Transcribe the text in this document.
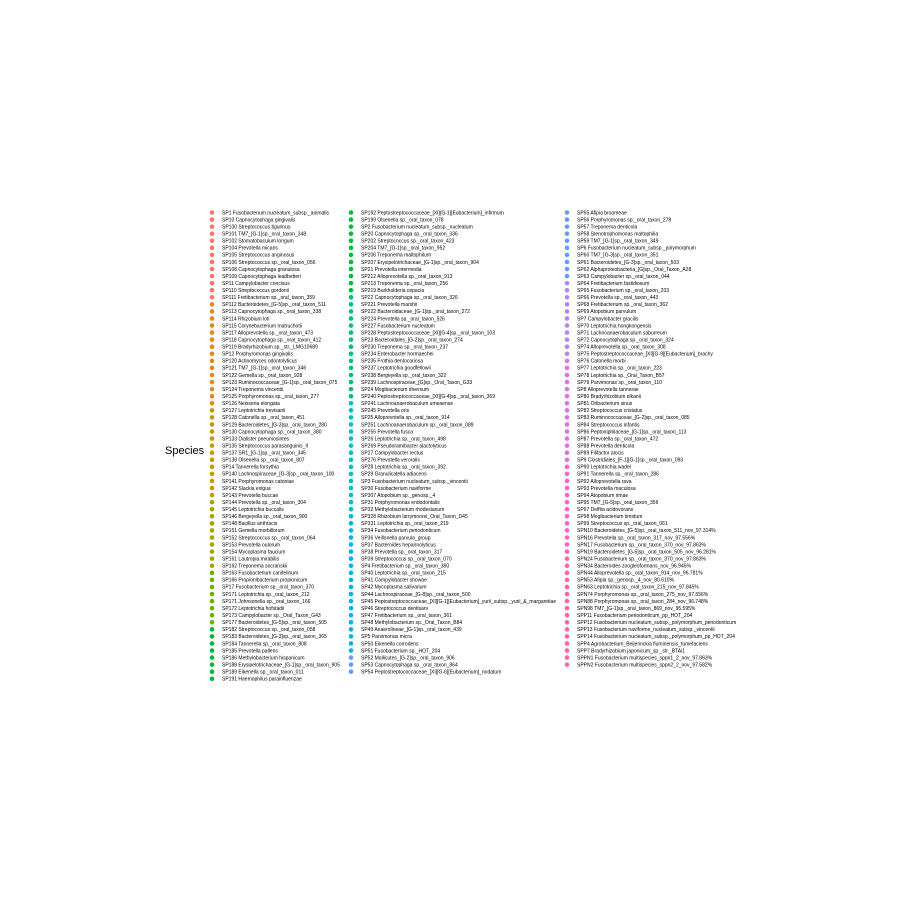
Species
SP1 Fusobacterium nucleatum_subsp._animalis
SP10 Capnocytophaga gingivalis
SP100 Streptococcus tigurinus
SP101 TM7_[G-1]sp._oral_taxon_348
SP102 Stomatobaculum longum
SP104 Prevotella micans
SP105 Streptococcus anginosus
SP106 Streptococcus sp._oral_taxon_056
SP108 Capnocytophaga granulosa
SP109 Capnocytophaga leadbetteri
SP11 Campylobacter concisus
SP110 Streptococcus gordonii
SP111 Fretibacterium sp._oral_taxon_359
SP112 Bacteroidetes_[G-5]sp._oral_taxon_511
SP113 Capnocytophaga sp._oral_taxon_338
SP114 Rhizobium loti
SP115 Corynebacterium matruchotii
SP117 Alloprevotella sp._oral_taxon_473
SP118 Capnocytophaga sp._oral_taxon_412
SP119 Bradyrhizobium sp._str._LMG10689
SP12 Porphyromonas gingivalis
SP120 Actinomyces odontolyticus
SP121 TM7_[G-1]sp._oral_taxon_346
SP122 Gemella sp._oral_taxon_928
SP123 Ruminococcaceae_[G-1]sp._oral_taxon_075
SP124 Treponema vincentii
SP125 Porphyromonas sp._oral_taxon_277
SP126 Neisseria elongata
SP127 Leptotrichia trevisanii
SP128 Catonella sp._oral_taxon_451
SP129 Bacteroidetes_[G-3]sp._oral_taxon_280
SP130 Capnocytophaga sp._oral_taxon_380
SP133 Dialister pneumosintes
SP135 Streptococcus parasanguinis_II
SP137 SR1_[G-1]sp._oral_taxon_345
SP138 Olsenella sp._oral_taxon_807
SP14 Tannerella forsythia
SP140 Lachnospiraceae_[G-3]sp._oral_taxon_100
SP141 Porphyromonas catoniae
SP142 Slackia exigua
SP143 Prevotella buccae
SP144 Prevotella sp._oral_taxon_304
SP145 Leptotrichia buccalis
SP146 Bergeyella sp._oral_taxon_900
SP148 Bacillus anthracis
SP151 Gemella morbillorum
SP152 Streptococcus sp._oral_taxon_064
SP153 Prevotella oulorum
SP154 Mycoplasma faucium
SP161 Lautropia mirabilis
SP162 Treponema socranskii
SP163 Fusobacterium canifelinum
SP166 Propionibacterium propionicum
SP17 Fusobacterium sp._oral_taxon_370
SP171 Leptotrichia sp._oral_taxon_212
SP171 Johnsonella sp._oral_taxon_166
SP172 Leptotrichia hofstadii
SP173 Campylobacter sp._Oral_Taxon_G43
SP177 Bacteroidetes_[G-5]sp._oral_taxon_505
SP182 Streptococcus sp._oral_taxon_058
SP183 Bacteroidetes_[G-3]sp._oral_taxon_365
SP184 Tannerella sp._oral_taxon_808
SP185 Prevotella pallens
SP186 Methylobacterium hispanicum
SP188 Erysipelotrichaceae_[G-1]sp._oral_taxon_905
SP189 Eikenella sp._oral_taxon_011
SP191 Haemophilus parainfluenzae
SP192 Peptostreptococcaceae_[XI][G-1][Eubacterium]_infirmum
SP199 Olsenella sp._oral_taxon_078
SP2 Fusobacterium nucleatum_subsp._nucleatum
SP20 Capnocytophaga sp._oral_taxon_336
SP202 Streptococcus sp._oral_taxon_423
SP204 TM7_[G-1]sp._oral_taxon_952
SP206 Treponema maltophilum
SP207 Erysipelotrichaceae_[G-1]sp._oral_taxon_904
SP21 Prevotella intermedia
SP212 Alloprevotella sp._oral_taxon_913
SP213 Treponema sp._oral_taxon_256
SP219 Burkholderia cepacia
SP22 Capnocytophaga sp._oral_taxon_326
SP221 Prevotella marshii
SP222 Bacteroidaceae_[G-1]sp._oral_taxon_272
SP224 Prevotella sp._oral_taxon_526
SP227 Fusobacterium nucleatum
SP228 Peptostreptococcaceae_[XI][G-4]sp._oral_taxon_103
SP23 Bacteroidales_[G-2]sp._oral_taxon_274
SP230 Treponema sp._oral_taxon_237
SP234 Enterobacter hormaechei
SP235 Frothia dentocariosa
SP237 Leptotrichia goodfellowii
SP238 Bergeyella sp._oral_taxon_322
SP239 Lachnospiraceae_[G]sp._Oral_Taxon_G33
SP24 Mogibacterium diversum
SP240 Peptostreptococcaceae_[XI][G-4]sp._oral_taxon_369
SP241 Lachnoanaerobaculum umeaense
SP245 Prevotella oris
SP25 Alloprevotella sp._oral_taxon_914
SP251 Lachnoanaerobaculum sp._oral_taxon_089
SP255 Prevotella fusca
SP26 Leptotrichia sp._oral_taxon_498
SP269 Pseudoramibacter alactolyticus
SP27 Campylobacter rectus
SP276 Prevotella veroralis
SP28 Leptotrichia sp._oral_taxon_392
SP29 Granulicatella adiacens
SP3 Fusobacterium nucleatum_subsp._vincentii
SP30 Fusobacterium naviforme
SP307 Atopobium sp._genosp._4
SP31 Porphyromonas endodontalis
SP32 Methylobacterium rhodesianum
SP328 Rhizobium larrymoorei_Oral_Taxon_D45
SP331 Leptotrichia sp._oral_taxon_219
SP34 Fusobacterium periodonticum
SP36 Veillonella parvula_group
SP37 Bacteroides heparinolyticus
SP38 Prevotella sp._oral_taxon_317
SP39 Streptococcus sp._oral_taxon_070
SP4 Fretibacterium sp._oral_taxon_360
SP40 Leptotrichia sp._oral_taxon_215
SP41 Campylobacter showae
SP42 Mycoplasma salivarium
SP44 Lachnospiraceae_[G-8]sp._oral_taxon_500
SP45 Peptostreptococcaceae_[XI][G-1][Eubacterium]_yurii_subsp._yurii_&_margaretiae
SP46 Streptococcus dentisani
SP47 Fretibacterium sp._oral_taxon_361
SP48 Methylobacterium sp._Oral_Taxon_B84
SP49 Anaerolineae_[G-1]sp._oral_taxon_439
SP5 Parvimonas micra
SP50 Eikenella corrodens
SP51 Fusobacterium sp._HOT_204
SP52 Mollicutes_[G-2]sp._oral_taxon_906
SP53 Capnocytophaga sp._oral_taxon_864
SP54 Peptostreptococcaceae_[XI][G-6][Eubacterium]_nodatum
SP55 Afipia broomeae
SP56 Porphyromonas sp._oral_taxon_278
SP57 Treponema denticola
SP58 Stenotrophomonas maltophilia
SP59 TM7_[G-1]sp._oral_taxon_349
SP6 Fusobacterium nucleatum_subsp._polymorphum
SP60 TM7_[G-3]sp._oral_taxon_351
SP61 Bacteroidetes_[G-3]sp._oral_taxon_503
SP62 Alphaproteobacteria_[G]sp._Oral_Taxon_A28
SP63 Campylobacter sp._oral_taxon_044
SP64 Fretibacterium fastidiosum
SP65 Fusobacterium sp._oral_taxon_203
SP66 Prevotella sp._oral_taxon_443
SP68 Fretibacterium sp._oral_taxon_362
SP69 Atopobium parvulum
SP7 Campylobacter gracilis
SP70 Leptotrichia hongkongensis
SP71 Lachnoanaerobaculum saburreum
SP72 Capnocytophaga sp._oral_taxon_324
SP74 Alloprevotella sp._oral_taxon_308
SP75 Peptostreptococcaceae_[XI][G-9][Eubacterium]_brachy
SP76 Catonella morbi
SP77 Leptotrichia sp._oral_taxon_223
SP78 Leptotrichia sp._Oral_Taxon_B57
SP79 Parvimonas sp._oral_taxon_110
SP8 Alloprevotella tannerae
SP80 Bradyrhizobium elkanii
SP81 Oribacterium sinus
SP82 Streptococcus cristatus
SP83 Ruminococcaceae_[G-2]sp._oral_taxon_085
SP84 Streptococcus infantis
SP86 Peptoniphilaceae_[G-1]sp._oral_taxon_113
SP87 Prevotella sp._oral_taxon_472
SP88 Prevotella denticola
SP89 Filifactor alocis
SP9 Clostridiales_[F-1][G-1]sp._oral_taxon_093
SP90 Leptotrichia wadei
SP91 Tannerella sp._oral_taxon_286
SP92 Alloprevotella rava
SP93 Prevotella maculosa
SP94 Atopobium rimae
SP95 TM7_[G-5]sp._oral_taxon_356
SP97 Delftia acidovorans
SP98 Mogibacterium timidum
SP99 Streptococcus sp._oral_taxon_061
SPN10 Bacteroidetes_[G-5]sp._oral_taxon_511_nov_97.314%
SPN16 Prevotella sp._oral_taxon_317_nov_97.556%
SPN17 Fusobacterium sp._oral_taxon_370_nov_97.863%
SPN19 Bacteroidetes_[G-5]sp._oral_taxon_505_nov_96.281%
SPN24 Fusobacterium sp._oral_taxon_370_nov_97.863%
SPN34 Bacteroides zoogleoformans_nov_96.945%
SPN44 Alloprevotella sp._oral_taxon_914_nov_96.781%
SPN53 Afipia sp._genosp._4_nov_80.610%
SPN63 Leptotrichia sp._oral_taxon_215_nov_97.845%
SPN74 Porphyromonas sp._oral_taxon_275_nov_97.556%
SPN88 Porphyromonas sp._oral_taxon_284_nov_96.748%
SPN98 TM7_[G-1]sp._oral_taxon_869_nov_95.595%
SPP11 Fusobacterium periodonticum_pp_HOT_204
SPP12 Fusobacterium nucleatum_subsp._polymorphum_periodonticum
SPP13 Fusobacterium naviforme_nucleatum_subsp._vincentii
SPP14 Fusobacterium nucleatum_subsp._polymorphum_pp_HOT_204
SPP4 Agrobacterium_Beijerinckia fluminensis_tumefaciens
SPP7 Bradyrhizobium japonicum_sp._str._BTAi1
SPPN1 Fusobacterium multispecies_sppn1_2_nov_97.863%
SPPN2 Fusobacterium multispecies_sppn2_2_nov_97.582%
